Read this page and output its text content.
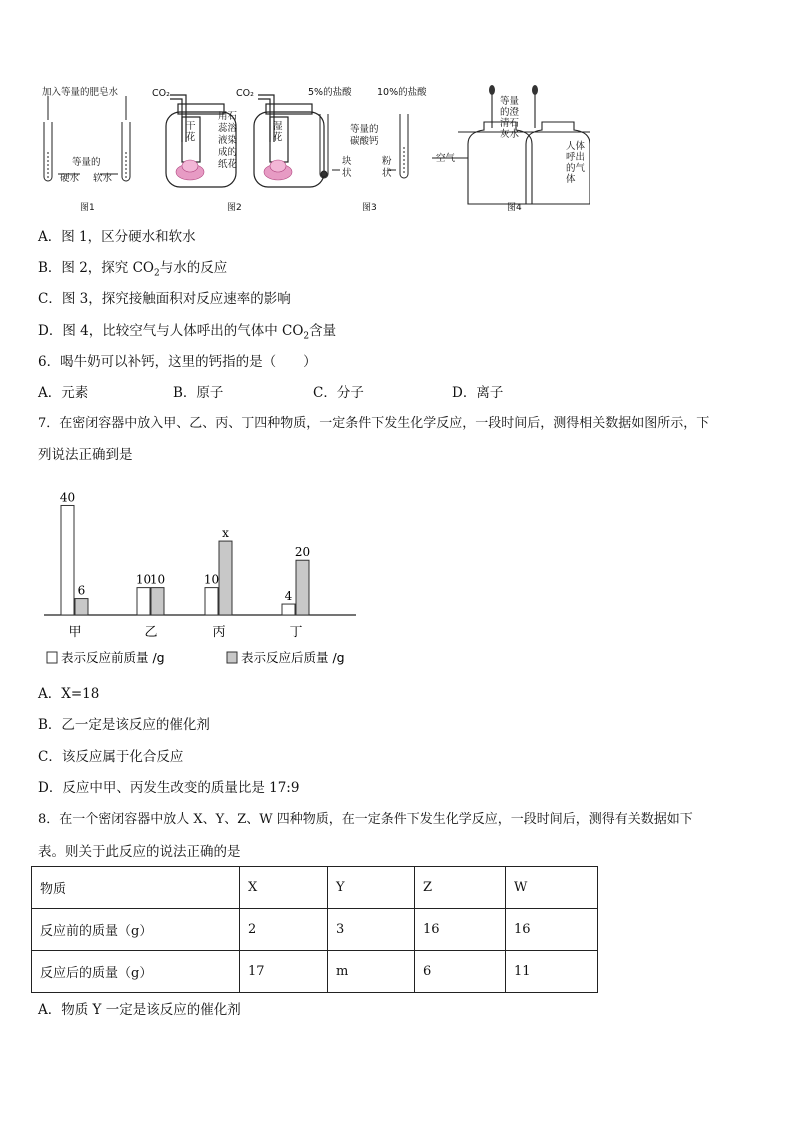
加入等量的肥皂水
等量的
硬水 软水
图1
CO₂	CO₂
干花
湿花
用石
蕊溶
液染
成的
纸花
图2
5%的盐酸	10%的盐酸
等量的
碳酸钙
块
状
粉
状
图3
等量
的澄
清石
灰水
空气
人体
呼出
的气
体
图4
A．图 1，区分硬水和软水
B．图 2，探究 $CO_2$与水的反应
C．图 3，探究接触面积对反应速率的影响
D．图 4，比较空气与人体呼出的气体中 $CO_2$含量
6．喝牛奶可以补钙，这里的钙指的是（　　）
A．元素	B．原子	C．分子	D．离子
7．在密闭容器中放入甲、乙、丙、丁四种物质，一定条件下发生化学反应，一段时间后，测得相关数据如图所示，下
列说法正确到是
40
6
甲
10
10
乙
10
x
丙
4
20
丁
表示反应前质量 /g	表示反应后质量 /g
A．X=18
B．乙一定是该反应的催化剂
C．该反应属于化合反应
D．反应中甲、丙发生改变的质量比是 17:9
8．在一个密闭容器中放人 X、Y、Z、W 四种物质，在一定条件下发生化学反应，一段时间后，测得有关数据如下
表。则关于此反应的说法正确的是
物质	X	Y	Z	W
反应前的质量（g）	2	3	16	16
反应后的质量（g）	17	m	6	11
A．物质 Y 一定是该反应的催化剂
